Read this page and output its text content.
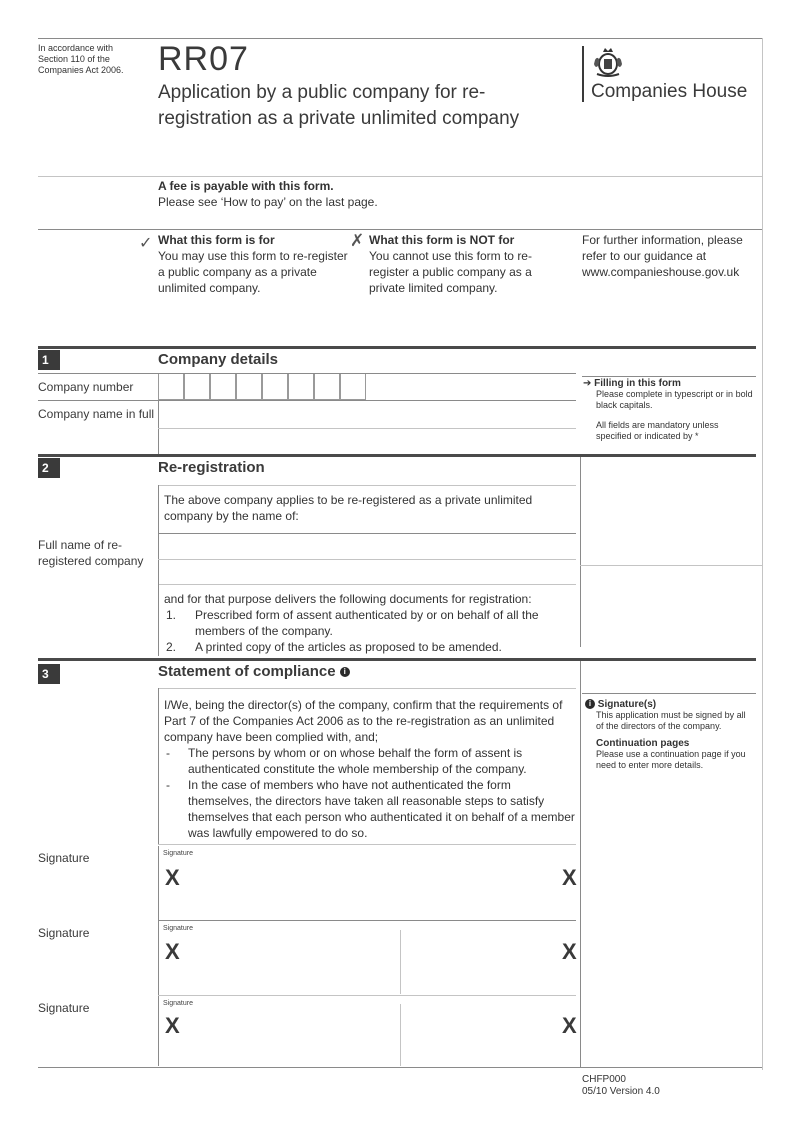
In accordance with Section 110 of the Companies Act 2006. RR07
Application by a public company for re-registration as a private unlimited company
Companies House
A fee is payable with this form.
Please see ‘How to pay’ on the last page.
✓ What this form is for
You may use this form to re-register a public company as a private unlimited company.
✗ What this form is NOT for
You cannot use this form to re-register a public company as a private limited company.
For further information, please refer to our guidance at www.companieshouse.gov.uk
1	Company details
Company number
Company name in full
➔ Filling in this form
Please complete in typescript or in bold black capitals.
All fields are mandatory unless specified or indicated by *
2	Re-registration
The above company applies to be re-registered as a private unlimited company by the name of:
Full name of re-registered company
and for that purpose delivers the following documents for registration:
1. Prescribed form of assent authenticated by or on behalf of all the members of the company.
2. A printed copy of the articles as proposed to be amended.
3	Statement of compliance i
I/We, being the director(s) of the company, confirm that the requirements of Part 7 of the Companies Act 2006 as to the re-registration as an unlimited company have been complied with, and;
- The persons by whom or on whose behalf the form of assent is authenticated constitute the whole membership of the company.
- In the case of members who have not authenticated the form themselves, the directors have taken all reasonable steps to satisfy themselves that each person who authenticated it on behalf of a member was lawfully empowered to do so.
i Signature(s)
This application must be signed by all of the directors of the company.
Continuation pages
Please use a continuation page if you need to enter more details.
Signature	Signature
X	X
Signature	Signature
X	X
Signature	Signature
X	X
CHFP000
05/10 Version 4.0
